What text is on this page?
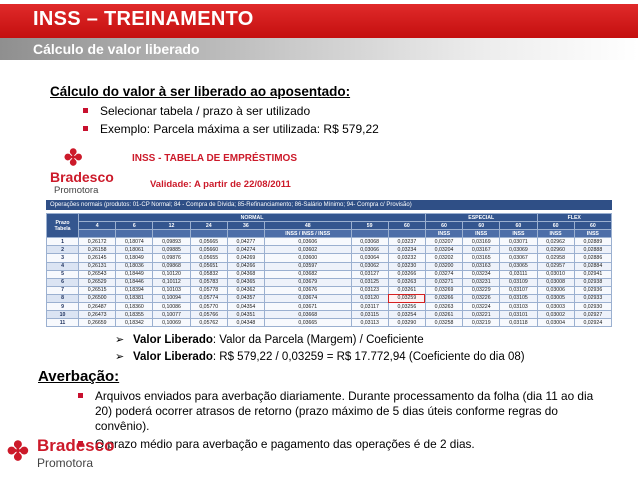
INSS – TREINAMENTO
Cálculo de valor liberado
Cálculo do valor à ser liberado ao aposentado:
Selecionar tabela / prazo à ser utilizado
Exemplo: Parcela máxima a ser utilizada: R$ 579,22
✤
Bradesco
Promotora
INSS - TABELA DE EMPRÉSTIMOS
Validade: A partir de 22/08/2011
Operações normais (produtos: 01-CP Normal; 84 - Compra de Dívida; 85-Refinanciamento; 86-Salário Mínimo; 94- Compra c/ Provisão)
Prazo
Tabela	NORMAL								ESPECIAL			FLEX	
	4	6	12	24	36	48	59	60	60	60	60	60	60
						INSS / INSS / INSS			INSS	INSS	INSS	INSS	INSS
1	0,26172	0,18074	0,09893	0,05665	0,04277	0,03606	0,03068	0,03237	0,03207	0,03169	0,03071	0,02962	0,02889
2	0,26158	0,18061	0,09885	0,05660	0,04274	0,03602	0,03066	0,03234	0,03204	0,03167	0,03069	0,02960	0,02888
3	0,26145	0,18049	0,09876	0,05655	0,04269	0,03600	0,03064	0,03232	0,03202	0,03165	0,03067	0,02958	0,02886
4	0,26131	0,18036	0,09868	0,05651	0,04266	0,03597	0,03062	0,03230	0,03200	0,03163	0,03065	0,02957	0,02884
5	0,26543	0,18449	0,10120	0,05832	0,04368	0,03682	0,03127	0,03266	0,03274	0,03234	0,03111	0,03010	0,02941
6	0,26529	0,18446	0,10112	0,05783	0,04365	0,03679	0,03125	0,03263	0,03271	0,03231	0,03109	0,03008	0,02938
7	0,26515	0,18394	0,10103	0,05778	0,04362	0,03676	0,03123	0,03261	0,03269	0,03229	0,03107	0,03006	0,02936
8	0,26500	0,18381	0,10094	0,05774	0,04357	0,03674	0,03120	0,03259	0,03266	0,03226	0,03105	0,03005	0,02933
9	0,26487	0,18360	0,10086	0,05770	0,04354	0,03671	0,03117	0,03256	0,03263	0,03224	0,03103	0,03003	0,02930
10	0,26473	0,18355	0,10077	0,05766	0,04351	0,03668	0,03115	0,03254	0,03261	0,03221	0,03101	0,03002	0,02927
11	0,26659	0,18342	0,10069	0,05762	0,04348	0,03665	0,03113	0,03290	0,03258	0,03219	0,03118	0,03004	0,02924
➢ Valor Liberado: Valor da Parcela (Margem) / Coeficiente
➢ Valor Liberado: R$ 579,22 / 0,03259 = R$ 17.772,94 (Coeficiente do dia 08)
Averbação:
Arquivos enviados para averbação diariamente. Durante processamento da folha (dia 11 ao dia 20) poderá ocorrer atrasos de retorno (prazo máximo de 5 dias úteis conforme regras do convênio).
O prazo médio para averbação e pagamento das operações é de 2 dias.
✤ Bradesco
Promotora
